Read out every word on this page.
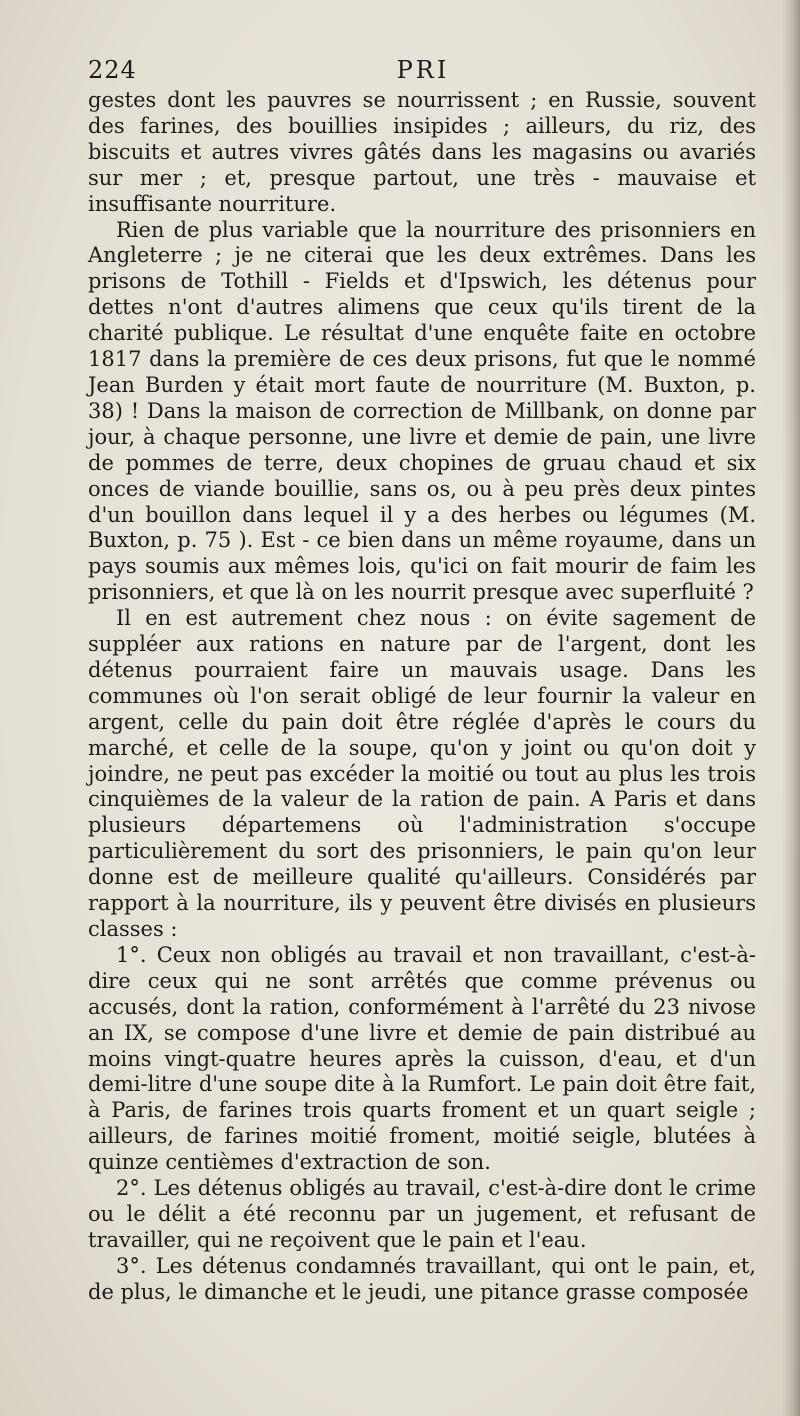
224	PRI

gestes dont les pauvres se nourrissent ; en Russie, souvent des farines, des bouillies insipides ; ailleurs, du riz, des biscuits et autres vivres gâtés dans les magasins ou avariés sur mer ; et, presque partout, une très - mauvaise et insuffisante nourriture.

Rien de plus variable que la nourriture des prisonniers en Angleterre ; je ne citerai que les deux extrêmes. Dans les prisons de Tothill - Fields et d'Ipswich, les détenus pour dettes n'ont d'autres alimens que ceux qu'ils tirent de la charité publique. Le résultat d'une enquête faite en octobre 1817 dans la première de ces deux prisons, fut que le nommé Jean Burden y était mort faute de nourriture (M. Buxton, p. 38) ! Dans la maison de correction de Millbank, on donne par jour, à chaque personne, une livre et demie de pain, une livre de pommes de terre, deux chopines de gruau chaud et six onces de viande bouillie, sans os, ou à peu près deux pintes d'un bouillon dans lequel il y a des herbes ou légumes (M. Buxton, p. 75 ). Est - ce bien dans un même royaume, dans un pays soumis aux mêmes lois, qu'ici on fait mourir de faim les prisonniers, et que là on les nourrit presque avec superfluité ?

Il en est autrement chez nous : on évite sagement de suppléer aux rations en nature par de l'argent, dont les détenus pourraient faire un mauvais usage. Dans les communes où l'on serait obligé de leur fournir la valeur en argent, celle du pain doit être réglée d'après le cours du marché, et celle de la soupe, qu'on y joint ou qu'on doit y joindre, ne peut pas excéder la moitié ou tout au plus les trois cinquièmes de la valeur de la ration de pain. A Paris et dans plusieurs départemens où l'administration s'occupe particulièrement du sort des prisonniers, le pain qu'on leur donne est de meilleure qualité qu'ailleurs. Considérés par rapport à la nourriture, ils y peuvent être divisés en plusieurs classes :

1°. Ceux non obligés au travail et non travaillant, c'est-à-dire ceux qui ne sont arrêtés que comme prévenus ou accusés, dont la ration, conformément à l'arrêté du 23 nivose an IX, se compose d'une livre et demie de pain distribué au moins vingt-quatre heures après la cuisson, d'eau, et d'un demi-litre d'une soupe dite à la Rumfort. Le pain doit être fait, à Paris, de farines trois quarts froment et un quart seigle ; ailleurs, de farines moitié froment, moitié seigle, blutées à quinze centièmes d'extraction de son.

2°. Les détenus obligés au travail, c'est-à-dire dont le crime ou le délit a été reconnu par un jugement, et refusant de travailler, qui ne reçoivent que le pain et l'eau.

3°. Les détenus condamnés travaillant, qui ont le pain, et, de plus, le dimanche et le jeudi, une pitance grasse composée
